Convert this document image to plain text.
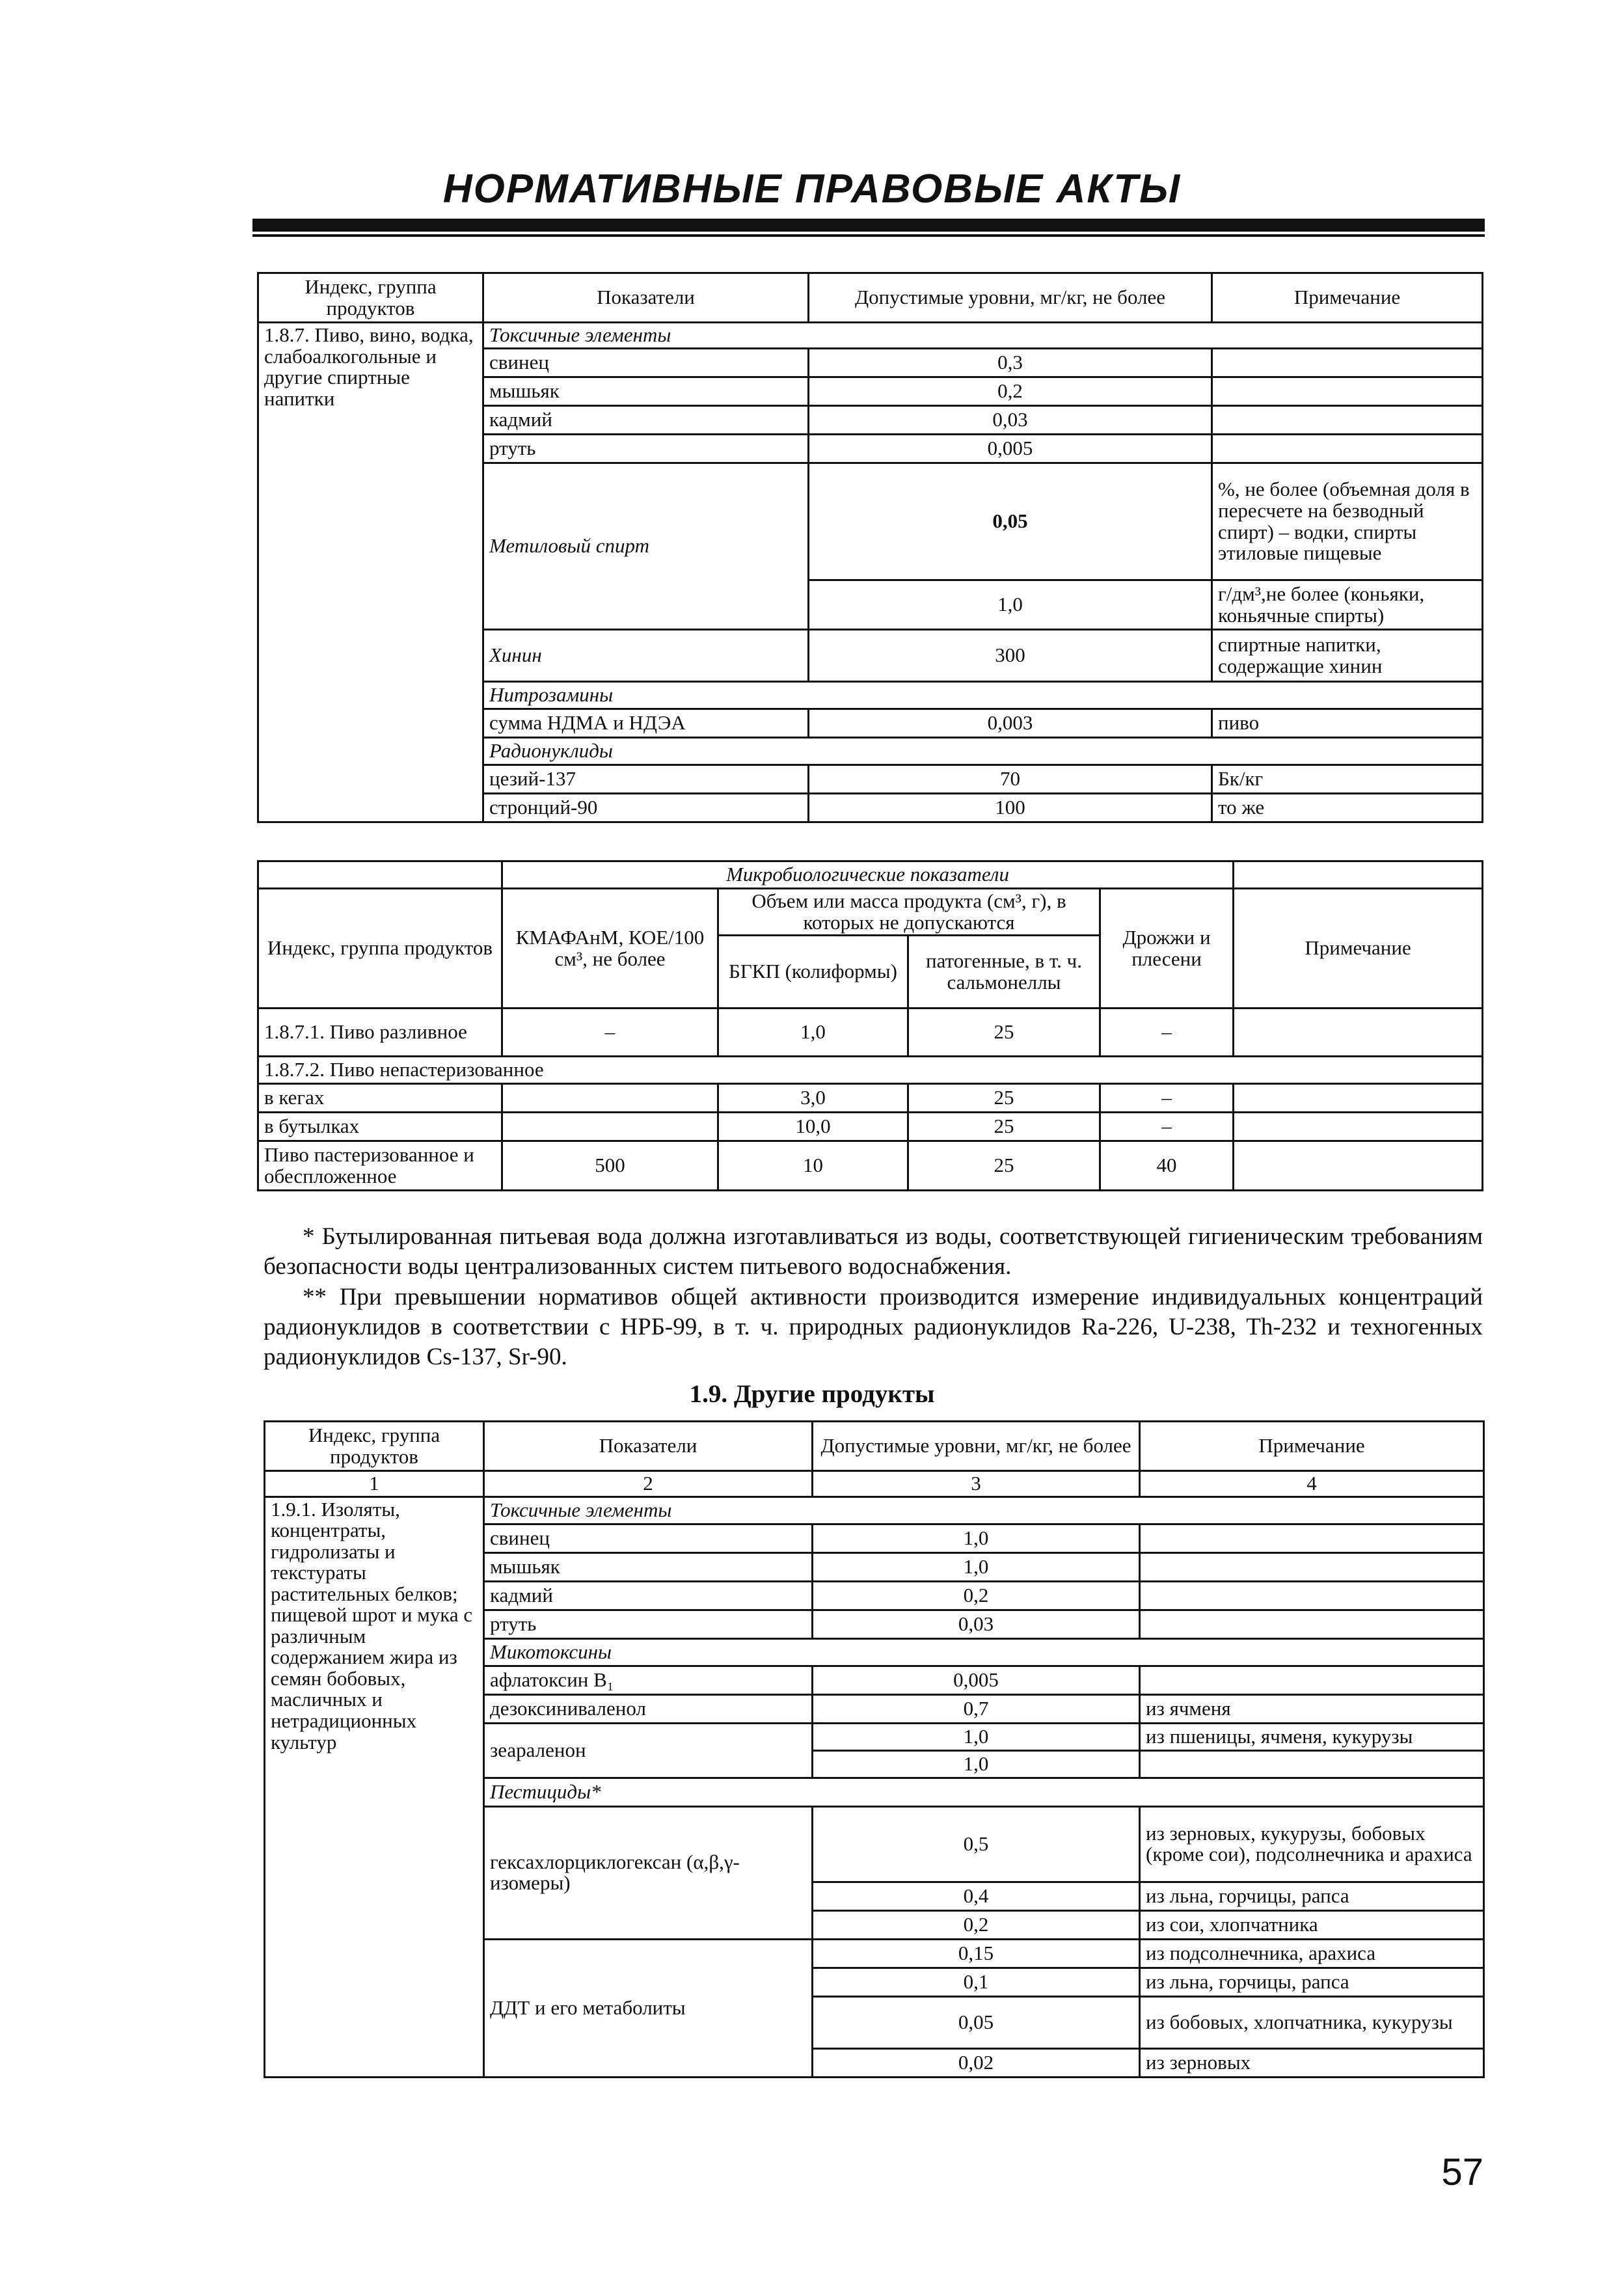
НОРМАТИВНЫЕ ПРАВОВЫЕ АКТЫ
Индекс, группа продуктов	Показатели	Допустимые уровни, мг/кг, не более	Примечание
1.8.7. Пиво, вино, водка, слабоалкогольные и другие спиртные напитки	Токсичные элементы		
	свинец	0,3	
	мышьяк	0,2	
	кадмий	0,03	
	ртуть	0,005	
	Метиловый спирт	0,05	%, не более (объемная доля в пересчете на безводный спирт) – водки, спирты этиловые пищевые
		1,0	г/дм³,не более (коньяки, коньячные спирты)
	Хинин	300	спиртные напитки, содержащие хинин
	Нитрозамины		
	сумма НДМА и НДЭА	0,003	пиво
	Радионуклиды		
	цезий-137	70	Бк/кг
	стронций-90	100	то же
	Микробиологические показатели				
Индекс, группа продуктов	КМАФАнМ, КОЕ/100 см³, не более	Объем или масса продукта (см³, г), в которых не допускаются		Дрожжи и плесени	Примечание
		БГКП (колиформы)	патогенные, в т. ч. сальмонеллы		
1.8.7.1. Пиво разливное	–	1,0	25	–	
1.8.7.2. Пиво непастеризованное					
в кегах		3,0	25	–	
в бутылках		10,0	25	–	
Пиво пастеризованное и обеспложенное	500	10	25	40	

* Бутылированная питьевая вода должна изготавливаться из воды, соответствующей гигиеническим требованиям безопасности воды централизованных систем питьевого водоснабжения.

** При превышении нормативов общей активности производится измерение индивидуальных концентраций радионуклидов в соответствии с НРБ-99, в т. ч. природных радионуклидов Ra-226, U-238, Th-232 и техногенных радионуклидов Cs-137, Sr-90.

1.9. Другие продукты
Индекс, группа продуктов	Показатели	Допустимые уровни, мг/кг, не более	Примечание
1	2	3	4
1.9.1. Изоляты, концентраты, гидролизаты и текстураты растительных белков; пищевой шрот и мука с различным содержанием жира из семян бобовых, масличных и нетрадиционных культур	Токсичные элементы		
	свинец	1,0	
	мышьяк	1,0	
	кадмий	0,2	
	ртуть	0,03	
	Микотоксины		
	афлатоксин B₁	0,005	
	дезоксиниваленол	0,7	из ячменя
	зеараленон	1,0	из пшеницы, ячменя, кукурузы
		1,0	
	Пестициды*		
	гексахлорциклогексан (α,β,γ-изомеры)	0,5	из зерновых, кукурузы, бобовых (кроме сои), подсолнечника и арахиса
		0,4	из льна, горчицы, рапса
		0,2	из сои, хлопчатника
	ДДТ и его метаболиты	0,15	из подсолнечника, арахиса
		0,1	из льна, горчицы, рапса
		0,05	из бобовых, хлопчатника, кукурузы
		0,02	из зерновых
57
